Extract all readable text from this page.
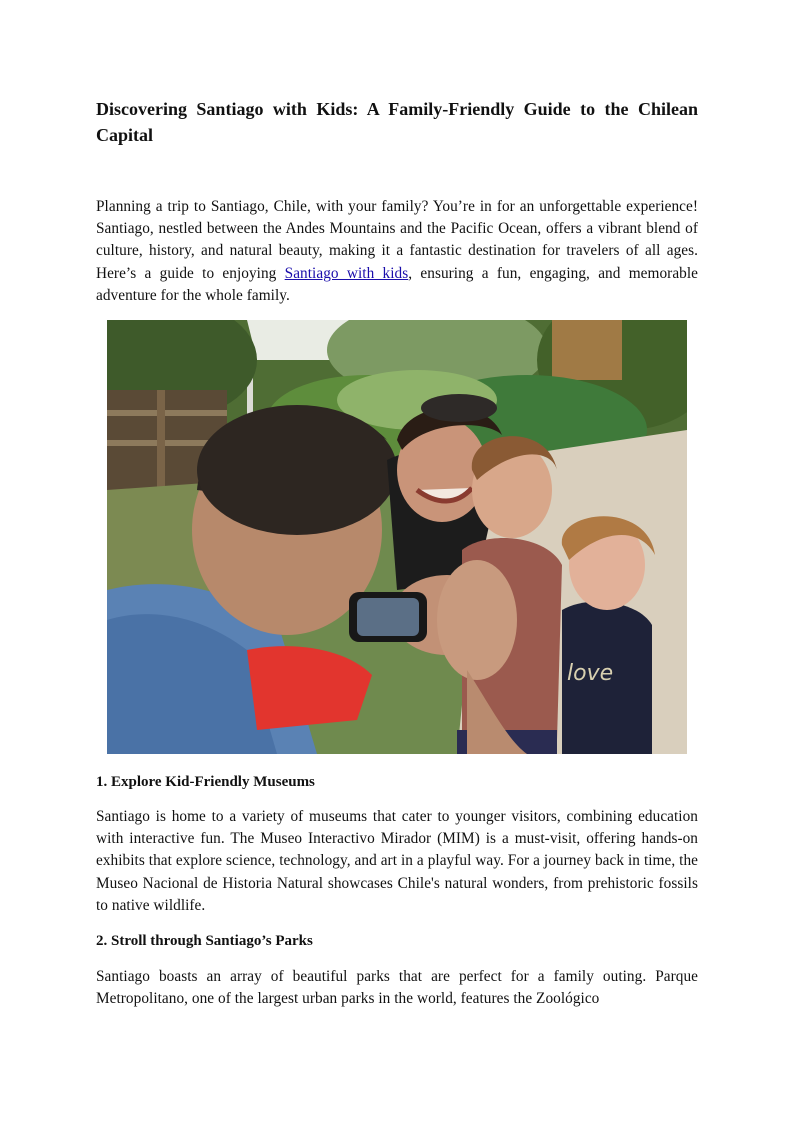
Discovering Santiago with Kids: A Family-Friendly Guide to the Chilean Capital

Planning a trip to Santiago, Chile, with your family? You’re in for an unforgettable experience! Santiago, nestled between the Andes Mountains and the Pacific Ocean, offers a vibrant blend of culture, history, and natural beauty, making it a fantastic destination for travelers of all ages. Here’s a guide to enjoying Santiago with kids, ensuring a fun, engaging, and memorable adventure for the whole family.

love
1. Explore Kid-Friendly Museums

Santiago is home to a variety of museums that cater to younger visitors, combining education with interactive fun. The Museo Interactivo Mirador (MIM) is a must-visit, offering hands-on exhibits that explore science, technology, and art in a playful way. For a journey back in time, the Museo Nacional de Historia Natural showcases Chile's natural wonders, from prehistoric fossils to native wildlife.

2. Stroll through Santiago’s Parks

Santiago boasts an array of beautiful parks that are perfect for a family outing. Parque Metropolitano, one of the largest urban parks in the world, features the Zoológico
